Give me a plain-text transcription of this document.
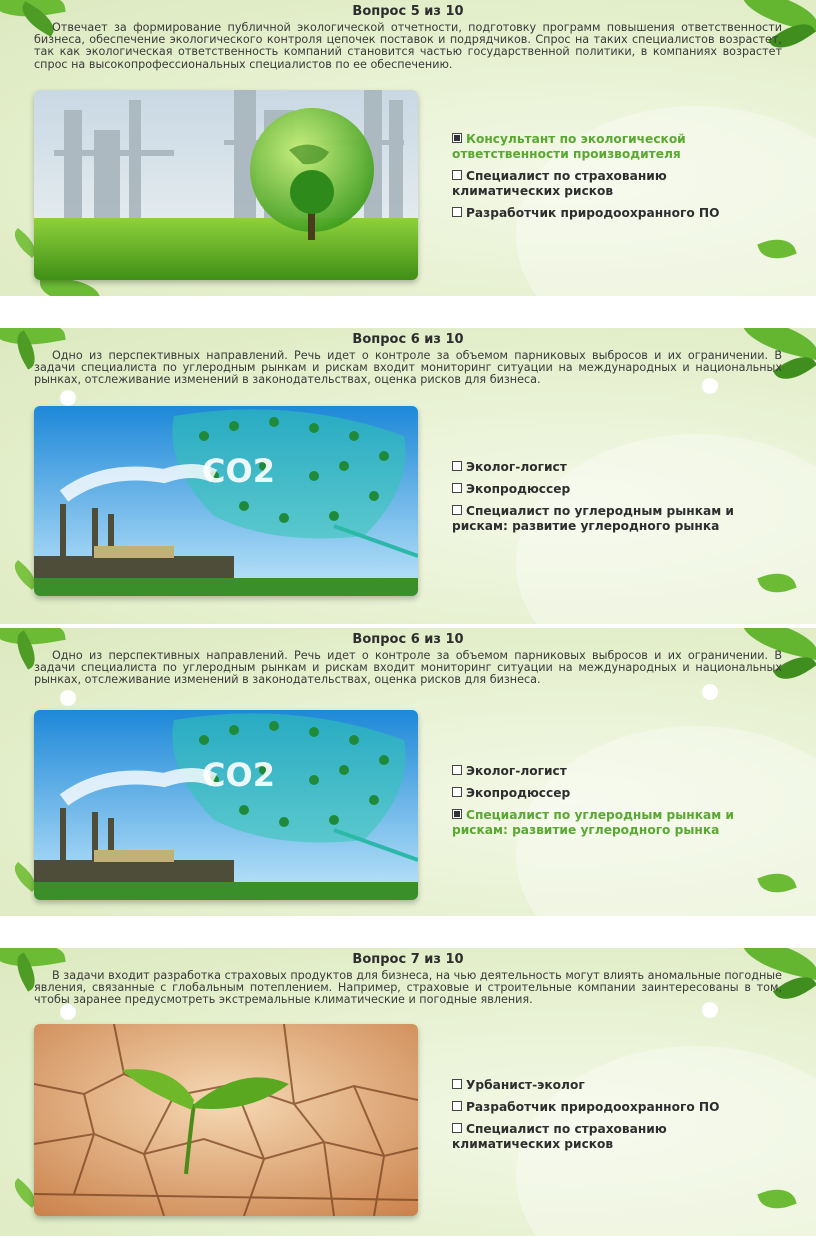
Вопрос 5 из 10
Отвечает за формирование публичной экологической отчетности, подготовку программ повышения ответственности бизнеса, обеспечение экологического контроля цепочек поставок и подрядчиков. Спрос на таких специалистов возрастет, так как экологическая ответственность компаний становится частью государственной политики, в компаниях возрастет спрос на высокопрофессиональных специалистов по ее обеспечению.
Консультант по экологической ответственности производителя
Специалист по страхованию климатических рисков
Разработчик природоохранного ПО
Вопрос 6 из 10
Одно из перспективных направлений. Речь идет о контроле за объемом парниковых выбросов и их ограничении. В задачи специалиста по углеродным рынкам и рискам входит мониторинг ситуации на международных и национальных рынках, отслеживание изменений в законодательствах, оценка рисков для бизнеса.
CO2	Эколог-логист
Экопродюссер
Специалист по углеродным рынкам и рискам: развитие углеродного рынка
Вопрос 6 из 10
Одно из перспективных направлений. Речь идет о контроле за объемом парниковых выбросов и их ограничении. В задачи специалиста по углеродным рынкам и рискам входит мониторинг ситуации на международных и национальных рынках, отслеживание изменений в законодательствах, оценка рисков для бизнеса.
CO2	Эколог-логист
Экопродюссер
Специалист по углеродным рынкам и рискам: развитие углеродного рынка
Вопрос 7 из 10
В задачи входит разработка страховых продуктов для бизнеса, на чью деятельность могут влиять аномальные погодные явления, связанные с глобальным потеплением. Например, страховые и строительные компании заинтересованы в том, чтобы заранее предусмотреть экстремальные климатические и погодные явления.
Урбанист-эколог
Разработчик природоохранного ПО
Специалист по страхованию климатических рисков
